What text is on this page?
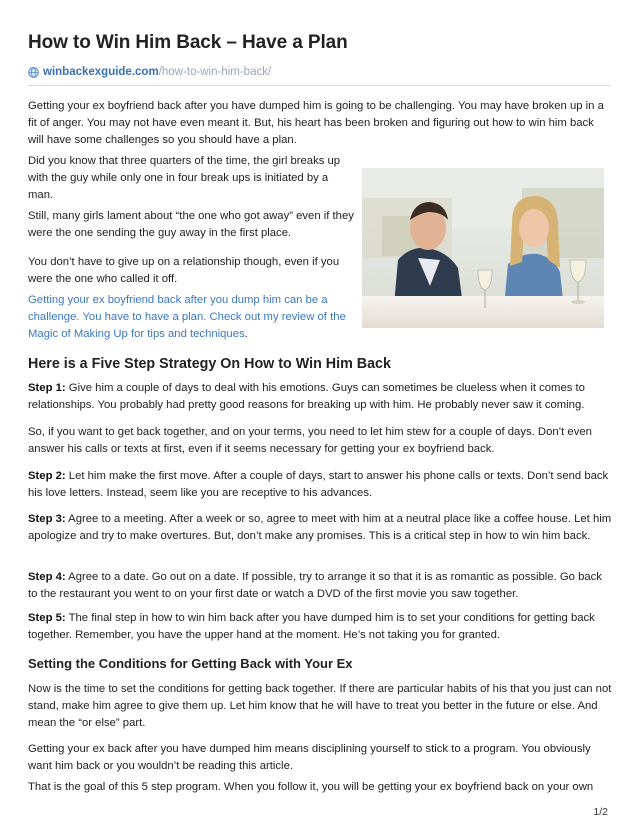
How to Win Him Back – Have a Plan
winbackexguide.com /how-to-win-him-back/

Getting your ex boyfriend back after you have dumped him is going to be challenging. You may have broken up in a fit of anger. You may not have even meant it. But, his heart has been broken and figuring out how to win him back will have some challenges so you should have a plan.

Did you know that three quarters of the time, the girl breaks up with the guy while only one in four break ups is initiated by a man.

Still, many girls lament about “the one who got away” even if they were the one sending the guy away in the first place.

You don’t have to give up on a relationship though, even if you were the one who called it off.

Getting your ex boyfriend back after you dump him can be a challenge. You have to have a plan. Check out my review of the Magic of Making Up for tips and techniques.

Here is a Five Step Strategy On How to Win Him Back

Step 1: Give him a couple of days to deal with his emotions. Guys can sometimes be clueless when it comes to relationships. You probably had pretty good reasons for breaking up with him. He probably never saw it coming.

So, if you want to get back together, and on your terms, you need to let him stew for a couple of days. Don’t even answer his calls or texts at first, even if it seems necessary for getting your ex boyfriend back.

Step 2: Let him make the first move. After a couple of days, start to answer his phone calls or texts. Don’t send back his love letters. Instead, seem like you are receptive to his advances.

Step 3: Agree to a meeting. After a week or so, agree to meet with him at a neutral place like a coffee house. Let him apologize and try to make overtures. But, don’t make any promises. This is a critical step in how to win him back.

Step 4: Agree to a date. Go out on a date. If possible, try to arrange it so that it is as romantic as possible. Go back to the restaurant you went to on your first date or watch a DVD of the first movie you saw together.

Step 5: The final step in how to win him back after you have dumped him is to set your conditions for getting back together. Remember, you have the upper hand at the moment. He’s not taking you for granted.

Setting the Conditions for Getting Back with Your Ex

Now is the time to set the conditions for getting back together. If there are particular habits of his that you just can not stand, make him agree to give them up. Let him know that he will have to treat you better in the future or else. And mean the “or else” part.

Getting your ex back after you have dumped him means disciplining yourself to stick to a program. You obviously want him back or you wouldn’t be reading this article.

That is the goal of this 5 step program. When you follow it, you will be getting your ex boyfriend back on your own

1/2
